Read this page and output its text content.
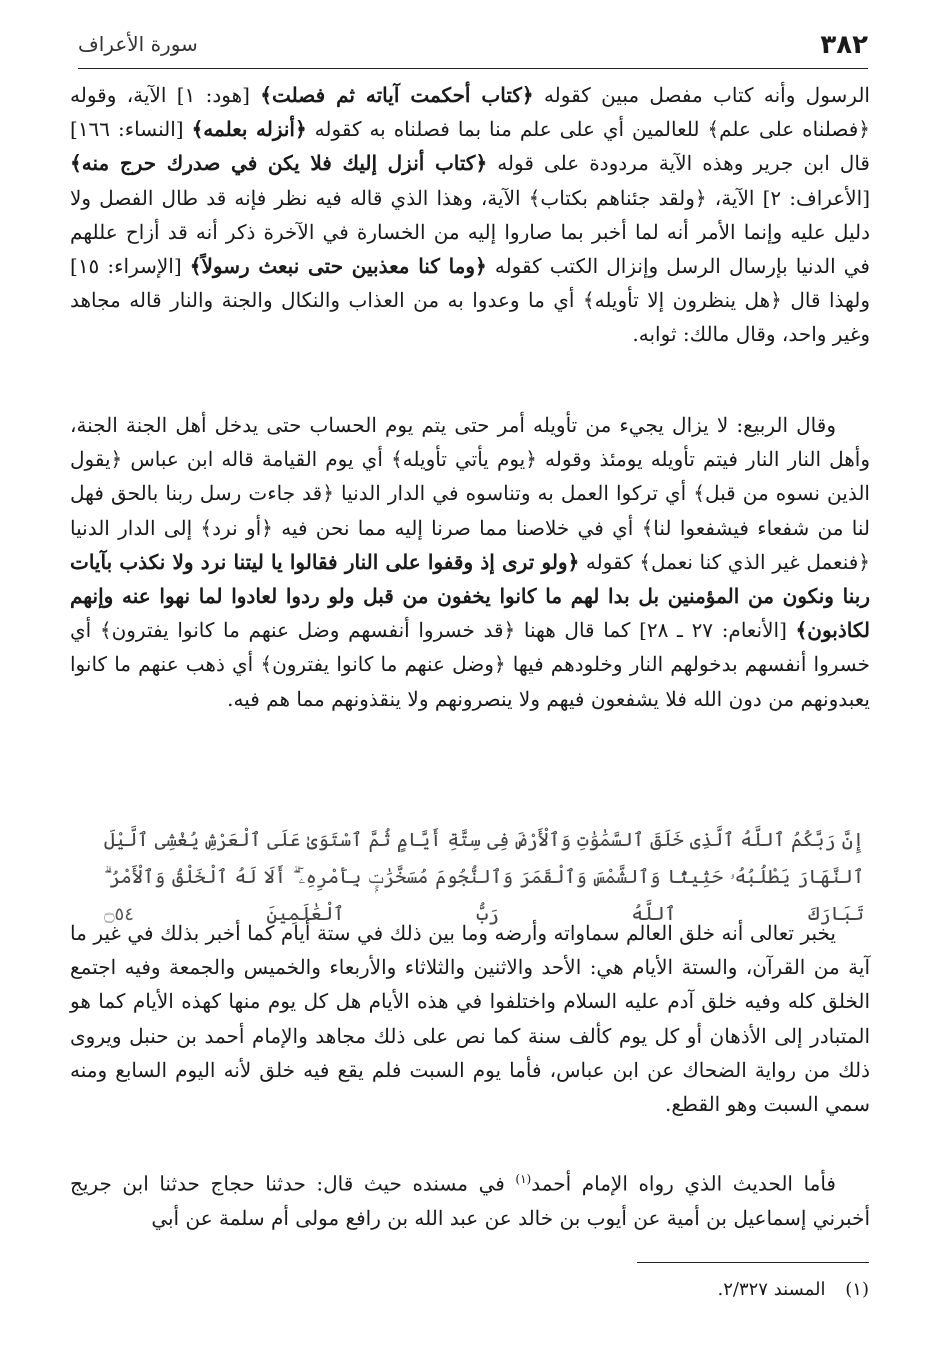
سورة الأعراف	٣٨٢

الرسول وأنه كتاب مفصل مبين كقوله ﴿كتاب أحكمت آياته ثم فصلت﴾ [هود: ١] الآية، وقوله ﴿فصلناه على علم﴾ للعالمين أي على علم منا بما فصلناه به كقوله ﴿أنزله بعلمه﴾ [النساء: ١٦٦] قال ابن جرير وهذه الآية مردودة على قوله ﴿كتاب أنزل إليك فلا يكن في صدرك حرج منه﴾ [الأعراف: ٢] الآية، ﴿ولقد جئناهم بكتاب﴾ الآية، وهذا الذي قاله فيه نظر فإنه قد طال الفصل ولا دليل عليه وإنما الأمر أنه لما أخبر بما صاروا إليه من الخسارة في الآخرة ذكر أنه قد أزاح عللهم في الدنيا بإرسال الرسل وإنزال الكتب كقوله ﴿وما كنا معذبين حتى نبعث رسولاً﴾ [الإسراء: ١٥] ولهذا قال ﴿هل ينظرون إلا تأويله﴾ أي ما وعدوا به من العذاب والنكال والجنة والنار قاله مجاهد وغير واحد، وقال مالك: ثوابه.

وقال الربيع: لا يزال يجيء من تأويله أمر حتى يتم يوم الحساب حتى يدخل أهل الجنة الجنة، وأهل النار النار فيتم تأويله يومئذ وقوله ﴿يوم يأتي تأويله﴾ أي يوم القيامة قاله ابن عباس ﴿يقول الذين نسوه من قبل﴾ أي تركوا العمل به وتناسوه في الدار الدنيا ﴿قد جاءت رسل ربنا بالحق فهل لنا من شفعاء فيشفعوا لنا﴾ أي في خلاصنا مما صرنا إليه مما نحن فيه ﴿أو نرد﴾ إلى الدار الدنيا ﴿فنعمل غير الذي كنا نعمل﴾ كقوله ﴿ولو ترى إذ وقفوا على النار فقالوا يا ليتنا نرد ولا نكذب بآيات ربنا ونكون من المؤمنين بل بدا لهم ما كانوا يخفون من قبل ولو ردوا لعادوا لما نهوا عنه وإنهم لكاذبون﴾ [الأنعام: ٢٧ ـ ٢٨] كما قال ههنا ﴿قد خسروا أنفسهم وضل عنهم ما كانوا يفترون﴾ أي خسروا أنفسهم بدخولهم النار وخلودهم فيها ﴿وضل عنهم ما كانوا يفترون﴾ أي ذهب عنهم ما كانوا يعبدونهم من دون الله فلا يشفعون فيهم ولا ينصرونهم ولا ينقذونهم مما هم فيه.

إِنَّ رَبَّكُمُ ٱللَّهُ ٱلَّذِى خَلَقَ ٱلسَّمَٰوَٰتِ وَٱلْأَرْضَ فِى سِتَّةِ أَيَّامٍ ثُمَّ ٱسْتَوَىٰ عَلَى ٱلْعَرْشِ يُغْشِى ٱلَّيْلَ ٱلنَّهَارَ يَطْلُبُهُۥ حَثِيثًا وَٱلشَّمْسَ وَٱلْقَمَرَ وَٱلنُّجُومَ مُسَخَّرَٰتٍۭ بِأَمْرِهِۦٓ ۗ أَلَا لَهُ ٱلْخَلْقُ وَٱلْأَمْرُ ۗ تَبَارَكَ ٱللَّهُ رَبُّ ٱلْعَٰلَمِينَ ۝٥٤

يخبر تعالى أنه خلق العالم سماواته وأرضه وما بين ذلك في ستة أيام كما أخبر بذلك في غير ما آية من القرآن، والستة الأيام هي: الأحد والاثنين والثلاثاء والأربعاء والخميس والجمعة وفيه اجتمع الخلق كله وفيه خلق آدم عليه السلام واختلفوا في هذه الأيام هل كل يوم منها كهذه الأيام كما هو المتبادر إلى الأذهان أو كل يوم كألف سنة كما نص على ذلك مجاهد والإمام أحمد بن حنبل ويروى ذلك من رواية الضحاك عن ابن عباس، فأما يوم السبت فلم يقع فيه خلق لأنه اليوم السابع ومنه سمي السبت وهو القطع.

فأما الحديث الذي رواه الإمام أحمد$^{(١)}$ في مسنده حيث قال: حدثنا حجاج حدثنا ابن جريج أخبرني إسماعيل بن أمية عن أيوب بن خالد عن عبد الله بن رافع مولى أم سلمة عن أبي

(١) المسند ٢/٣٢٧.
